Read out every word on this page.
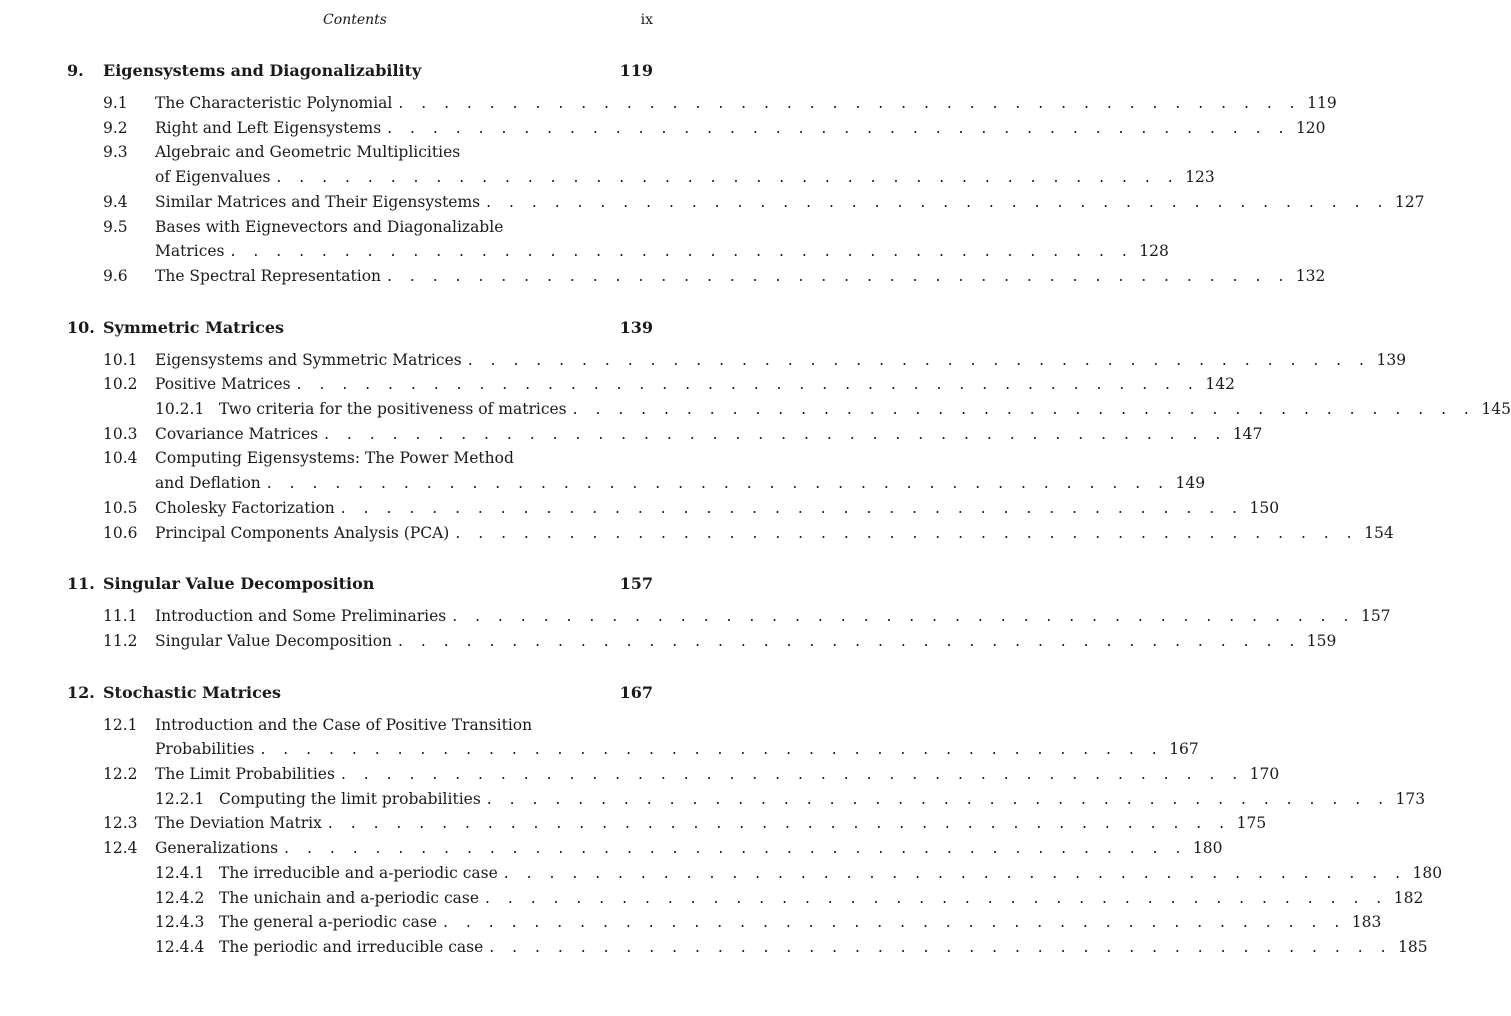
Contents	ix
9.	Eigensystems and Diagonalizability	119
9.1	The Characteristic Polynomial . . . . . . . . . . . . . . . . . . . . . . . . . . . . . . . . . . . . . . . . 119
9.2	Right and Left Eigensystems . . . . . . . . . . . . . . . . . . . . . . . . . . . . . . . . . . . . . . . . 120
9.3	Algebraic and Geometric Multiplicities
of Eigenvalues . . . . . . . . . . . . . . . . . . . . . . . . . . . . . . . . . . . . . . . . 123
9.4	Similar Matrices and Their Eigensystems . . . . . . . . . . . . . . . . . . . . . . . . . . . . . . . . . . . . . . . . 127
9.5	Bases with Eignevectors and Diagonalizable
Matrices . . . . . . . . . . . . . . . . . . . . . . . . . . . . . . . . . . . . . . . . 128
9.6	The Spectral Representation . . . . . . . . . . . . . . . . . . . . . . . . . . . . . . . . . . . . . . . . 132
10. Symmetric Matrices	139
10.1	Eigensystems and Symmetric Matrices . . . . . . . . . . . . . . . . . . . . . . . . . . . . . . . . . . . . . . . . 139
10.2	Positive Matrices . . . . . . . . . . . . . . . . . . . . . . . . . . . . . . . . . . . . . . . . 142
10.2.1 Two criteria for the positiveness of matrices . . . . . . . . . . . . . . . . . . . . . . . . . . . . . . . . . . . . . . . . 145
10.3	Covariance Matrices . . . . . . . . . . . . . . . . . . . . . . . . . . . . . . . . . . . . . . . . 147
10.4	Computing Eigensystems: The Power Method
and Deflation . . . . . . . . . . . . . . . . . . . . . . . . . . . . . . . . . . . . . . . . 149
10.5	Cholesky Factorization . . . . . . . . . . . . . . . . . . . . . . . . . . . . . . . . . . . . . . . . 150
10.6	Principal Components Analysis (PCA) . . . . . . . . . . . . . . . . . . . . . . . . . . . . . . . . . . . . . . . . 154
11. Singular Value Decomposition	157
11.1	Introduction and Some Preliminaries . . . . . . . . . . . . . . . . . . . . . . . . . . . . . . . . . . . . . . . . 157
11.2	Singular Value Decomposition . . . . . . . . . . . . . . . . . . . . . . . . . . . . . . . . . . . . . . . . 159
12. Stochastic Matrices	167
12.1	Introduction and the Case of Positive Transition
Probabilities . . . . . . . . . . . . . . . . . . . . . . . . . . . . . . . . . . . . . . . . 167
12.2	The Limit Probabilities . . . . . . . . . . . . . . . . . . . . . . . . . . . . . . . . . . . . . . . . 170
12.2.1 Computing the limit probabilities . . . . . . . . . . . . . . . . . . . . . . . . . . . . . . . . . . . . . . . . 173
12.3	The Deviation Matrix . . . . . . . . . . . . . . . . . . . . . . . . . . . . . . . . . . . . . . . . 175
12.4	Generalizations . . . . . . . . . . . . . . . . . . . . . . . . . . . . . . . . . . . . . . . . 180
12.4.1 The irreducible and a-periodic case . . . . . . . . . . . . . . . . . . . . . . . . . . . . . . . . . . . . . . . . 180
12.4.2 The unichain and a-periodic case . . . . . . . . . . . . . . . . . . . . . . . . . . . . . . . . . . . . . . . . 182
12.4.3 The general a-periodic case . . . . . . . . . . . . . . . . . . . . . . . . . . . . . . . . . . . . . . . . 183
12.4.4 The periodic and irreducible case . . . . . . . . . . . . . . . . . . . . . . . . . . . . . . . . . . . . . . . . 185
